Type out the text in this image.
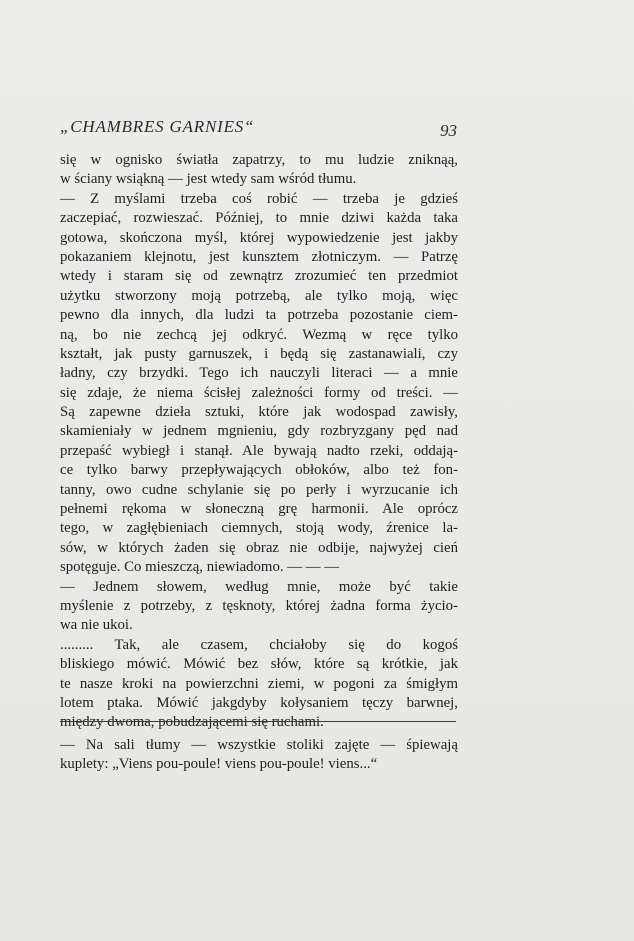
„CHAMBRES GARNIES“	93
się w ognisko światła zapatrzy, to mu ludzie zniknąą,
w ściany wsiąkną — jest wtedy sam wśród tłumu.
— Z myślami trzeba coś robić — trzeba je gdzieś
zaczepiać, rozwieszać. Później, to mnie dziwi każda taka
gotowa, skończona myśl, której wypowiedzenie jest jakby
pokazaniem klejnotu, jest kunsztem złotniczym. — Patrzę
wtedy i staram się od zewnątrz zrozumieć ten przedmiot
użytku stworzony moją potrzebą, ale tylko moją, więc
pewno dla innych, dla ludzi ta potrzeba pozostanie ciem-
ną, bo nie zechcą jej odkryć. Wezmą w ręce tylko
kształt, jak pusty garnuszek, i będą się zastanawiali, czy
ładny, czy brzydki. Tego ich nauczyli literaci — a mnie
się zdaje, że niema ścisłej zależności formy od treści. —
Są zapewne dzieła sztuki, które jak wodospad zawisły,
skamieniały w jednem mgnieniu, gdy rozbryzgany pęd nad
przepaść wybiegł i stanął. Ale bywają nadto rzeki, oddają-
ce tylko barwy przepływających obłoków, albo też fon-
tanny, owo cudne schylanie się po perły i wyrzucanie ich
pełnemi rękoma w słoneczną grę harmonii. Ale oprócz
tego, w zagłębieniach ciemnych, stoją wody, źrenice la-
sów, w których żaden się obraz nie odbije, najwyżej cień
spotęguje. Co mieszczą, niewiadomo. — — —
— Jednem słowem, według mnie, może być takie
myślenie z potrzeby, z tęsknoty, której żadna forma życio-
wa nie ukoi.
......... Tak, ale czasem, chciałoby się do kogoś
bliskiego mówić. Mówić bez słów, które są krótkie, jak
te nasze kroki na powierzchni ziemi, w pogoni za śmigłym
lotem ptaka. Mówić jakgdyby kołysaniem tęczy barwnej,
między dwoma, pobudzającemi się ruchami.
— Na sali tłumy — wszystkie stoliki zajęte — śpiewają
kuplety: „Viens pou-poule! viens pou-poule! viens...“
